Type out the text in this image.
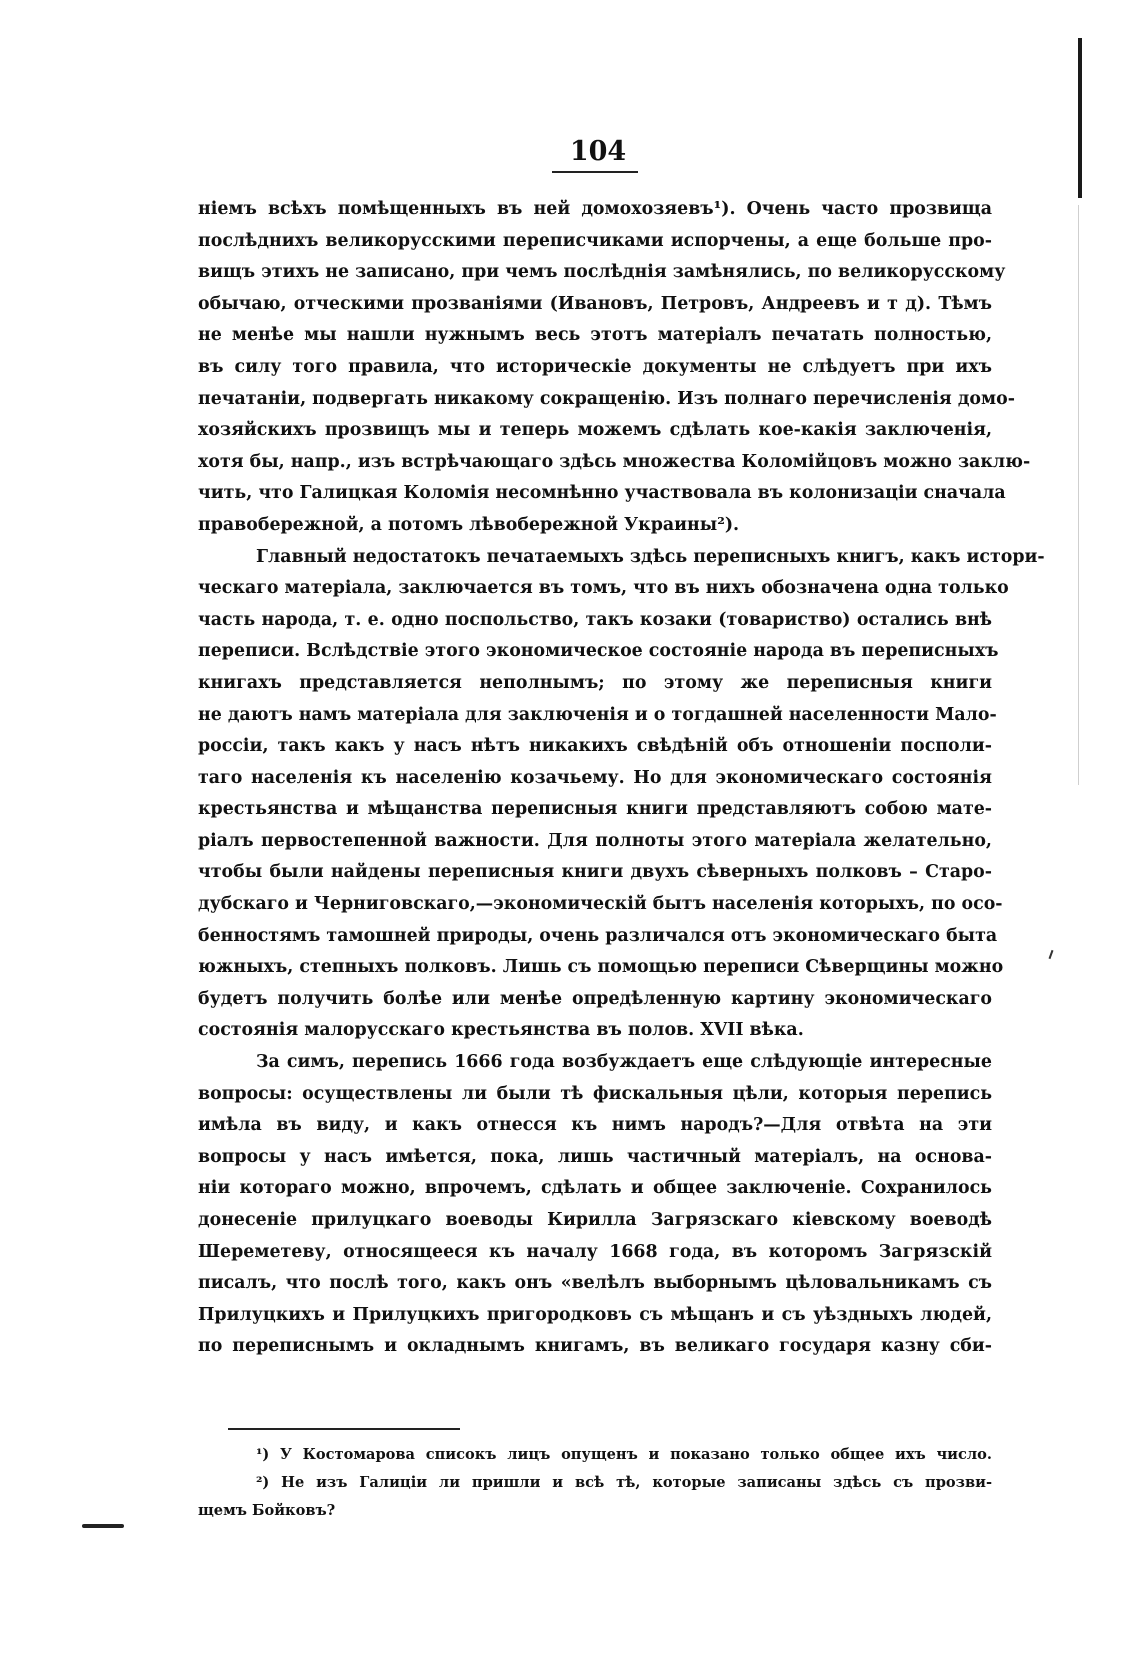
104
ніемъ всѣхъ помѣщенныхъ въ ней домохозяевъ¹). Очень часто прозвища
послѣднихъ великорусскими переписчиками испорчены, а еще больше про-
вищъ этихъ не записано, при чемъ послѣднія замѣнялись, по великорусскому
обычаю, отческими прозваніями (Ивановъ, Петровъ, Андреевъ и т д). Тѣмъ
не менѣе мы нашли нужнымъ весь этотъ матеріалъ печатать полностью,
въ силу того правила, что историческіе документы не слѣдуетъ при ихъ
печатаніи, подвергать никакому сокращенію. Изъ полнаго перечисленія домо-
хозяйскихъ прозвищъ мы и теперь можемъ сдѣлать кое-какія заключенія,
хотя бы, напр., изъ встрѣчающаго здѣсь множества Коломійцовъ можно заклю-
чить, что Галицкая Коломія несомнѣнно участвовала въ колонизаціи сначала
правобережной, а потомъ лѣвобережной Украины²).
Главный недостатокъ печатаемыхъ здѣсь переписныхъ книгъ, какъ истори-
ческаго матеріала, заключается въ томъ, что въ нихъ обозначена одна только
часть народа, т. е. одно поспольство, такъ козаки (товариство) остались внѣ
переписи. Вслѣдствіе этого экономическое состояніе народа въ переписныхъ
книгахъ представляется неполнымъ; по этому же переписныя книги
не даютъ намъ матеріала для заключенія и о тогдашней населенности Мало-
россіи, такъ какъ у насъ нѣтъ никакихъ свѣдѣній объ отношеніи посполи-
таго населенія къ населенію козачьему. Но для экономическаго состоянія
крестьянства и мѣщанства переписныя книги представляютъ собою мате-
ріалъ первостепенной важности. Для полноты этого матеріала желательно,
чтобы были найдены переписныя книги двухъ сѣверныхъ полковъ – Старо-
дубскаго и Черниговскаго,—экономическій бытъ населенія которыхъ, по осо-
бенностямъ тамошней природы, очень различался отъ экономическаго быта
южныхъ, степныхъ полковъ. Лишь съ помощью переписи Сѣверщины можно
будетъ получить болѣе или менѣе опредѣленную картину экономическаго
состоянія малорусскаго крестьянства въ полов. XVII вѣка.
За симъ, перепись 1666 года возбуждаетъ еще слѣдующіе интересные
вопросы: осуществлены ли были тѣ фискальныя цѣли, которыя перепись
имѣла въ виду, и какъ отнесся къ нимъ народъ?—Для отвѣта на эти
вопросы у насъ имѣется, пока, лишь частичный матеріалъ, на основа-
ніи котораго можно, впрочемъ, сдѣлать и общее заключеніе. Сохранилось
донесеніе прилуцкаго воеводы Кирилла Загрязскаго кіевскому воеводѣ
Шереметеву, относящееся къ началу 1668 года, въ которомъ Загрязскій
писалъ, что послѣ того, какъ онъ «велѣлъ выборнымъ цѣловальникамъ съ
Прилуцкихъ и Прилуцкихъ пригородковъ съ мѣщанъ и съ уѣздныхъ людей,
по переписнымъ и окладнымъ книгамъ, въ великаго государя казну сби-
¹) У Костомарова списокъ лицъ опущенъ и показано только общее ихъ число.
²) Не изъ Галиціи ли пришли и всѣ тѣ, которые записаны здѣсь съ прозви-
щемъ Бойковъ?
